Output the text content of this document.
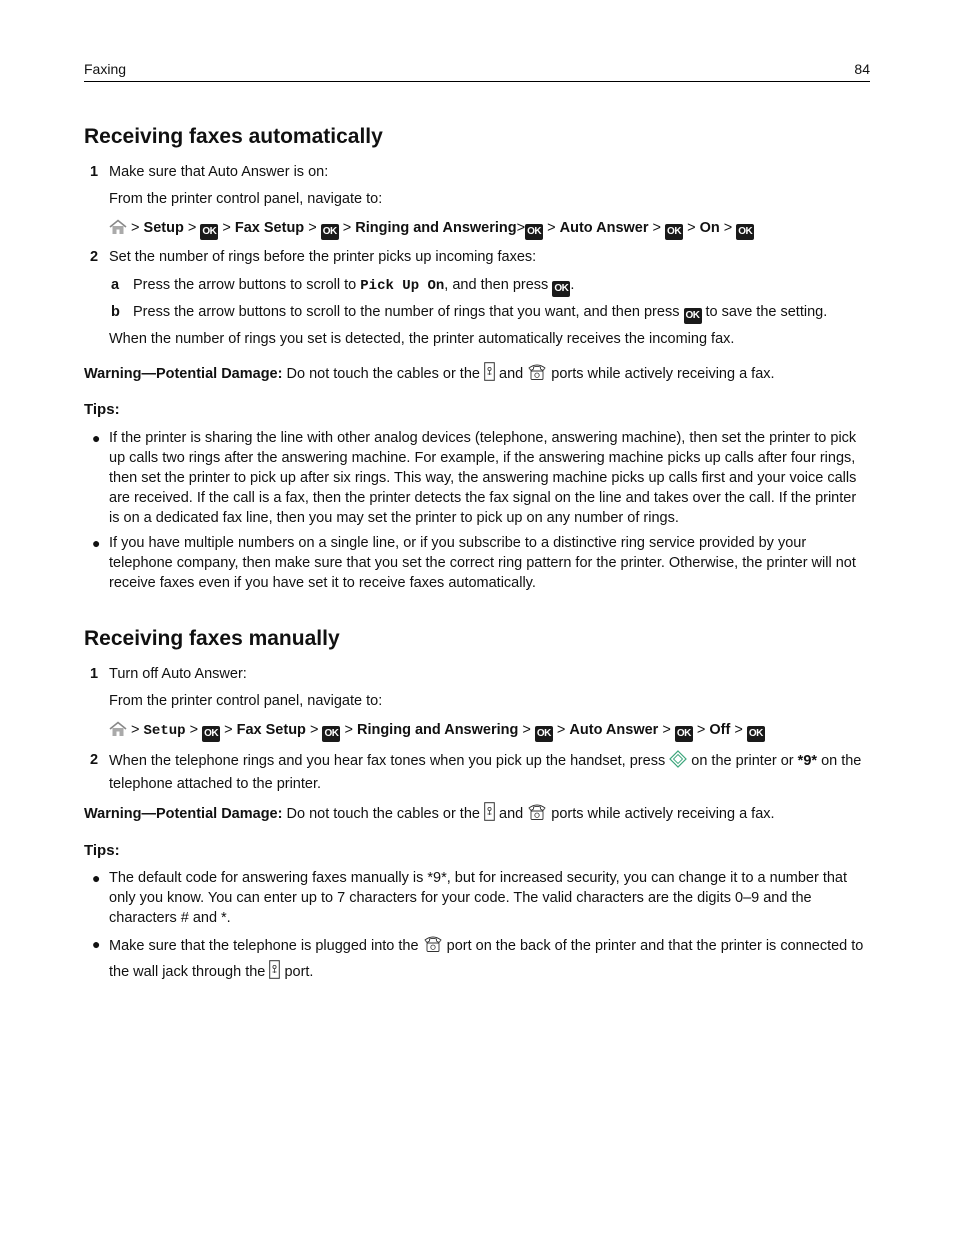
Faxing	84
Receiving faxes automatically
1 Make sure that Auto Answer is on:
From the printer control panel, navigate to:
> Setup > OK > Fax Setup > OK > Ringing and Answering> OK > Auto Answer > OK > On > OK
2 Set the number of rings before the printer picks up incoming faxes:
a Press the arrow buttons to scroll to Pick Up On, and then press OK .
b Press the arrow buttons to scroll to the number of rings that you want, and then press OK to save the setting.
When the number of rings you set is detected, the printer automatically receives the incoming fax.
Warning—Potential Damage: Do not touch the cables or the and ports while actively receiving a fax.
Tips:
● If the printer is sharing the line with other analog devices (telephone, answering machine), then set the printer to pick up calls two rings after the answering machine. For example, if the answering machine picks up calls after four rings, then set the printer to pick up after six rings. This way, the answering machine picks up calls first and your voice calls are received. If the call is a fax, then the printer detects the fax signal on the line and takes over the call. If the printer is on a dedicated fax line, then you may set the printer to pick up on any number of rings.
● If you have multiple numbers on a single line, or if you subscribe to a distinctive ring service provided by your telephone company, then make sure that you set the correct ring pattern for the printer. Otherwise, the printer will not receive faxes even if you have set it to receive faxes automatically.
Receiving faxes manually
1 Turn off Auto Answer:
From the printer control panel, navigate to:
> Setup > OK > Fax Setup > OK > Ringing and Answering > OK > Auto Answer > OK > Off > OK
2 When the telephone rings and you hear fax tones when you pick up the handset, press on the printer or *9* on the telephone attached to the printer.
Warning—Potential Damage: Do not touch the cables or the and ports while actively receiving a fax.
Tips:
● The default code for answering faxes manually is *9*, but for increased security, you can change it to a number that only you know. You can enter up to 7 characters for your code. The valid characters are the digits 0–9 and the characters # and *.
● Make sure that the telephone is plugged into the port on the back of the printer and that the printer is connected to the wall jack through the port.
